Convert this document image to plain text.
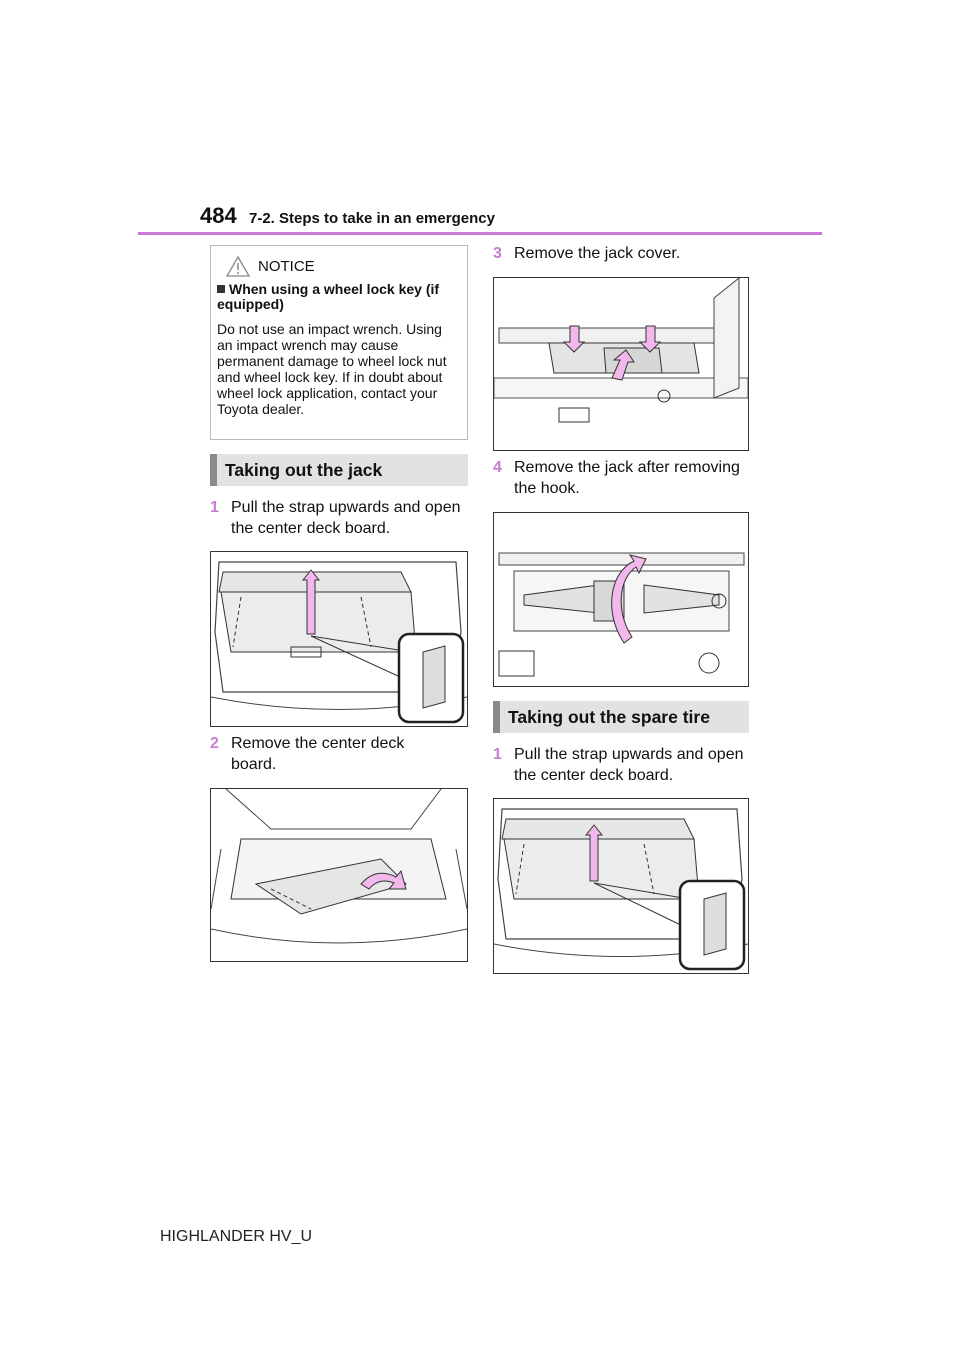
484 7-2. Steps to take in an emergency
NOTICE
When using a wheel lock key (if equipped)
Do not use an impact wrench. Using an impact wrench may cause permanent damage to wheel lock nut and wheel lock key. If in doubt about wheel lock application, contact your Toyota dealer.
Taking out the jack
1 Pull the strap upwards and open the center deck board.
2 Remove the center deck board.
3 Remove the jack cover.
4 Remove the jack after removing the hook.
Taking out the spare tire
1 Pull the strap upwards and open the center deck board.
HIGHLANDER HV_U
